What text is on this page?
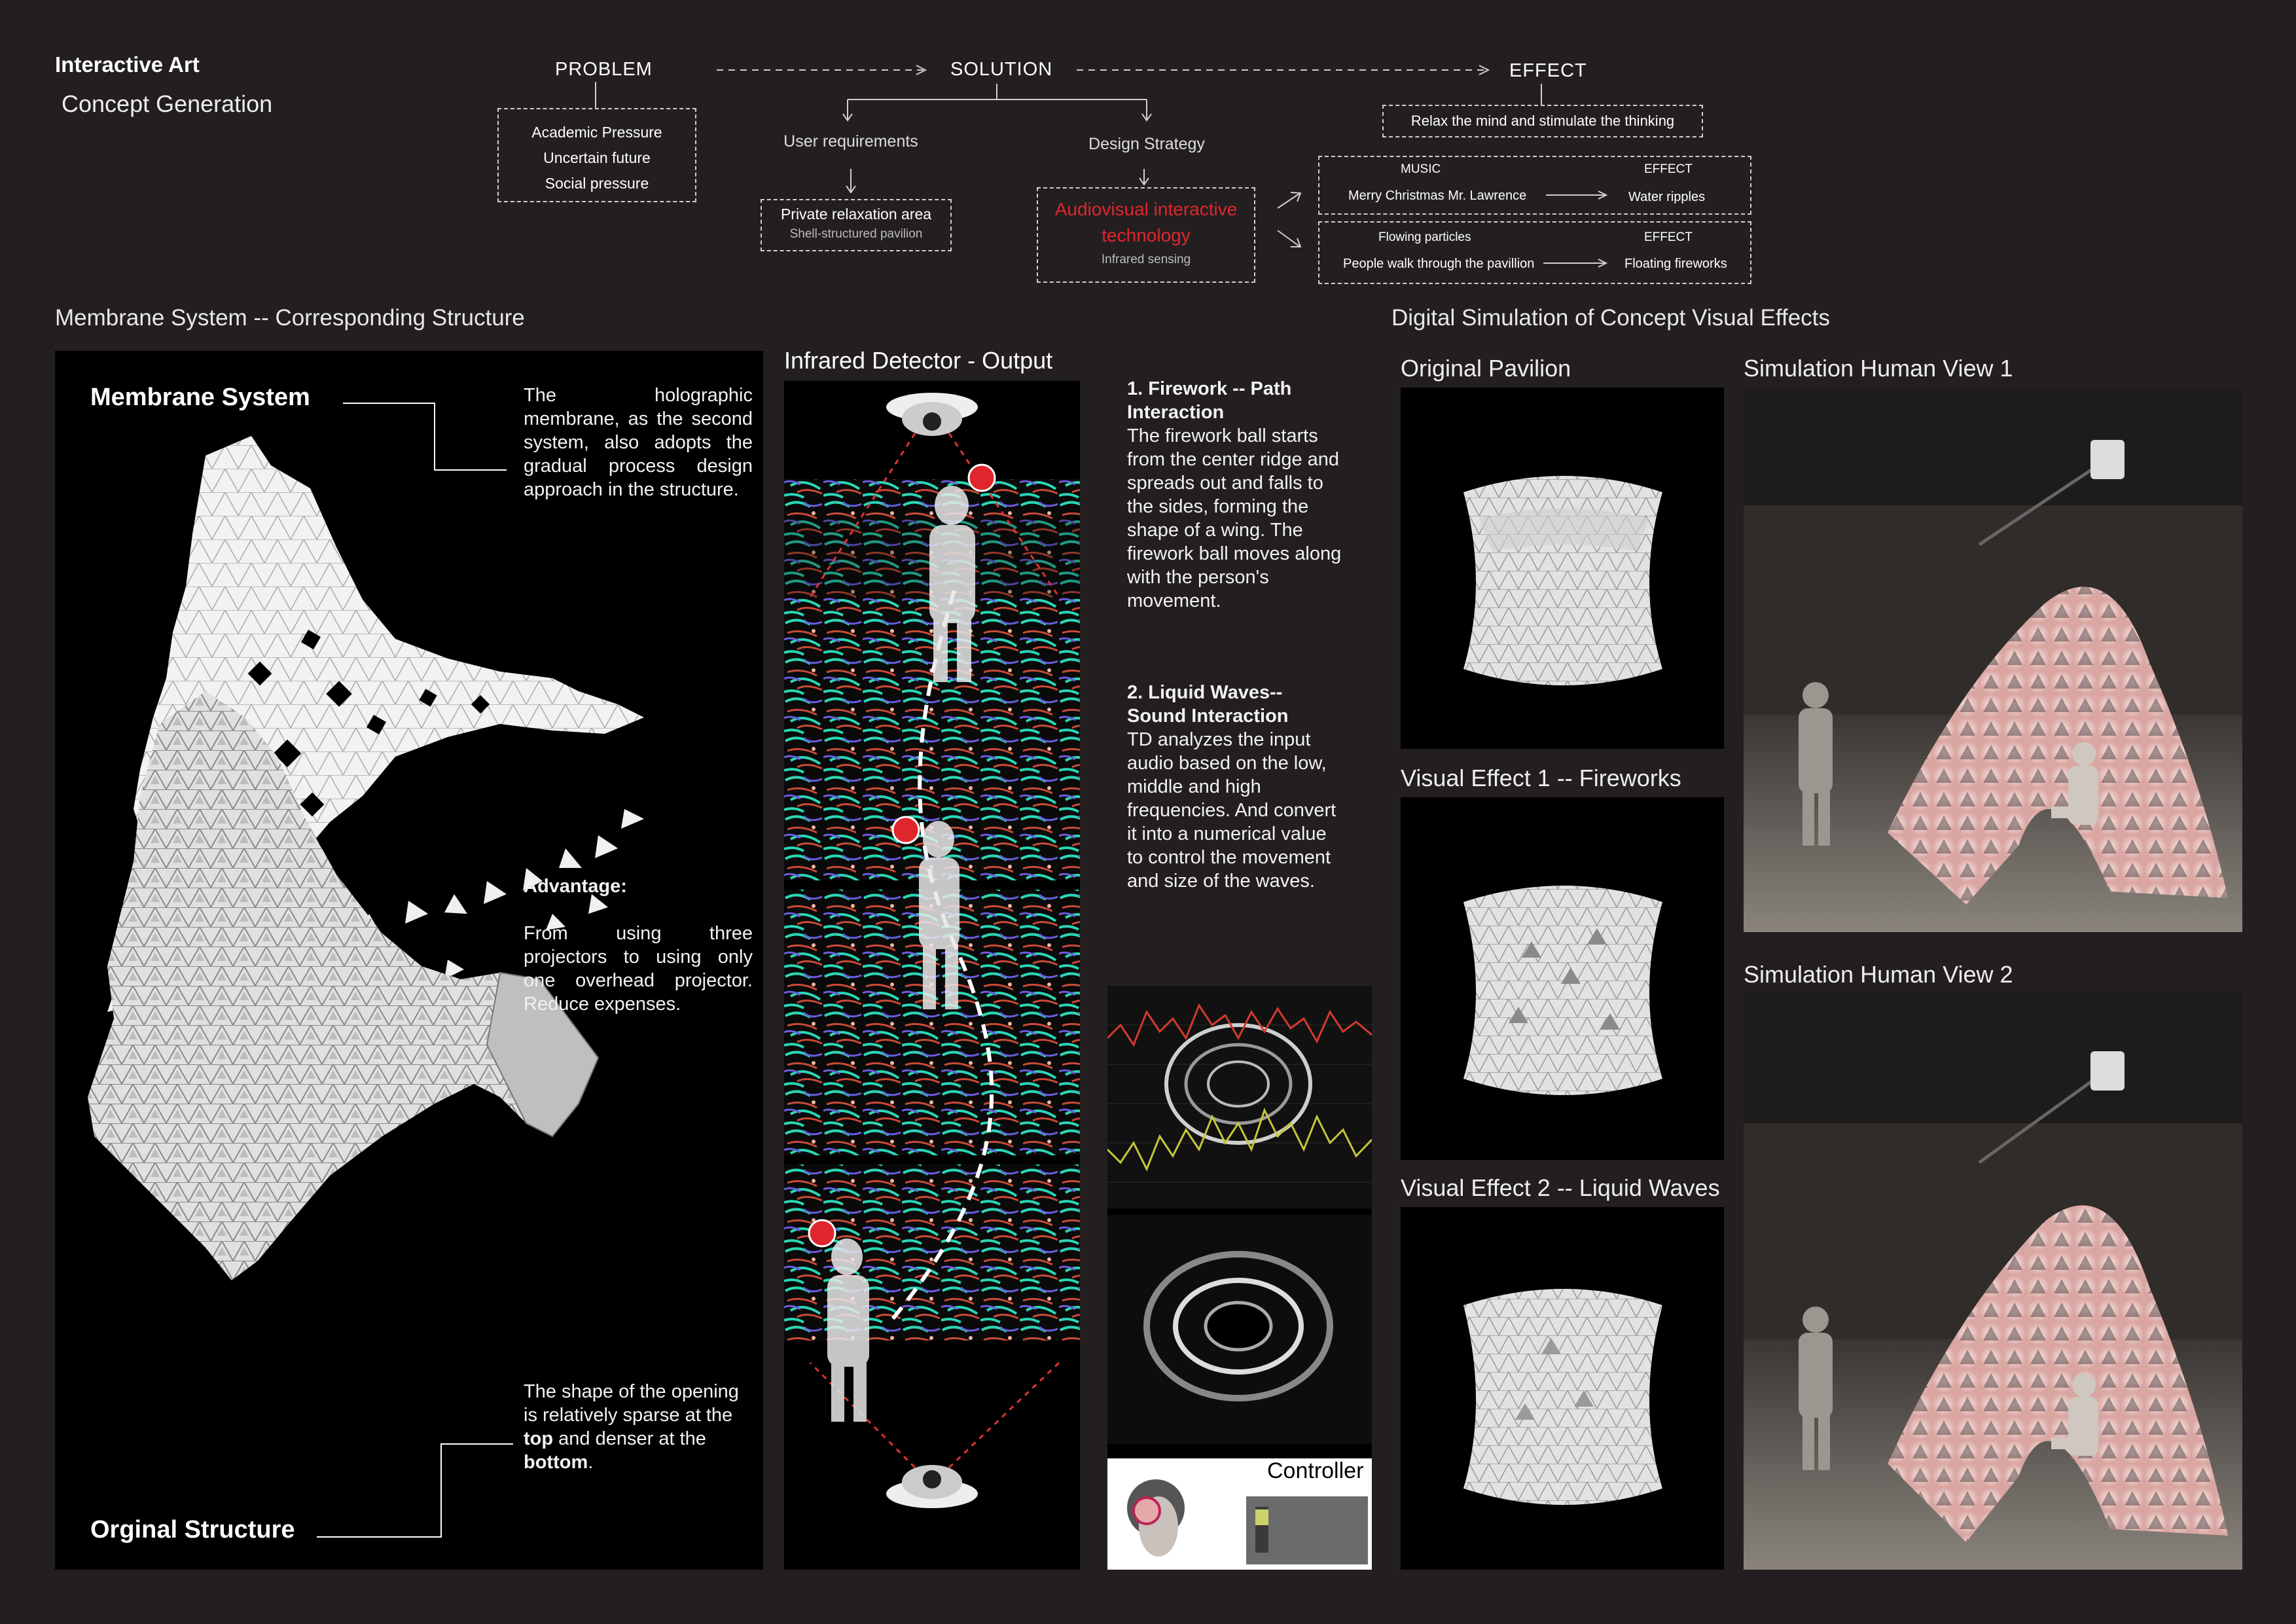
Interactive Art
Concept Generation
PROBLEM
Academic Pressure
Uncertain future
Social pressure
SOLUTION
User requirements
Private relaxation area
Shell-structured pavilion
Design Strategy
Audiovisual interactive technology
Infrared sensing
EFFECT
Relax the mind and stimulate the thinking
MUSIC	EFFECT
Merry Christmas Mr. Lawrence	Water ripples
Flowing particles	EFFECT
People walk through the pavillion	Floating fireworks
Membrane System -- Corresponding Structure	Digital Simulation of Concept Visual Effects
Membrane System
Orginal Structure
The holographic membrane, as the second system, also adopts the gradual process design approach in the structure.
Advantage:
From using three projectors to using only one overhead projector. Reduce expenses.
The shape of the opening is relatively sparse at the top and denser at the bottom.
Infrared Detector - Output
1. Firework -- Path Interaction
The firework ball starts from the center ridge and spreads out and falls to the sides, forming the shape of a wing. The firework ball moves along with the person's movement.
2. Liquid Waves-- Sound Interaction
TD analyzes the input audio based on the low, middle and high frequencies. And convert it into a numerical value to control the movement and size of the waves.
Controller
Original Pavilion
Visual Effect 1 -- Fireworks
Visual Effect 2 -- Liquid Waves
Simulation Human View 1
Simulation Human View 2
